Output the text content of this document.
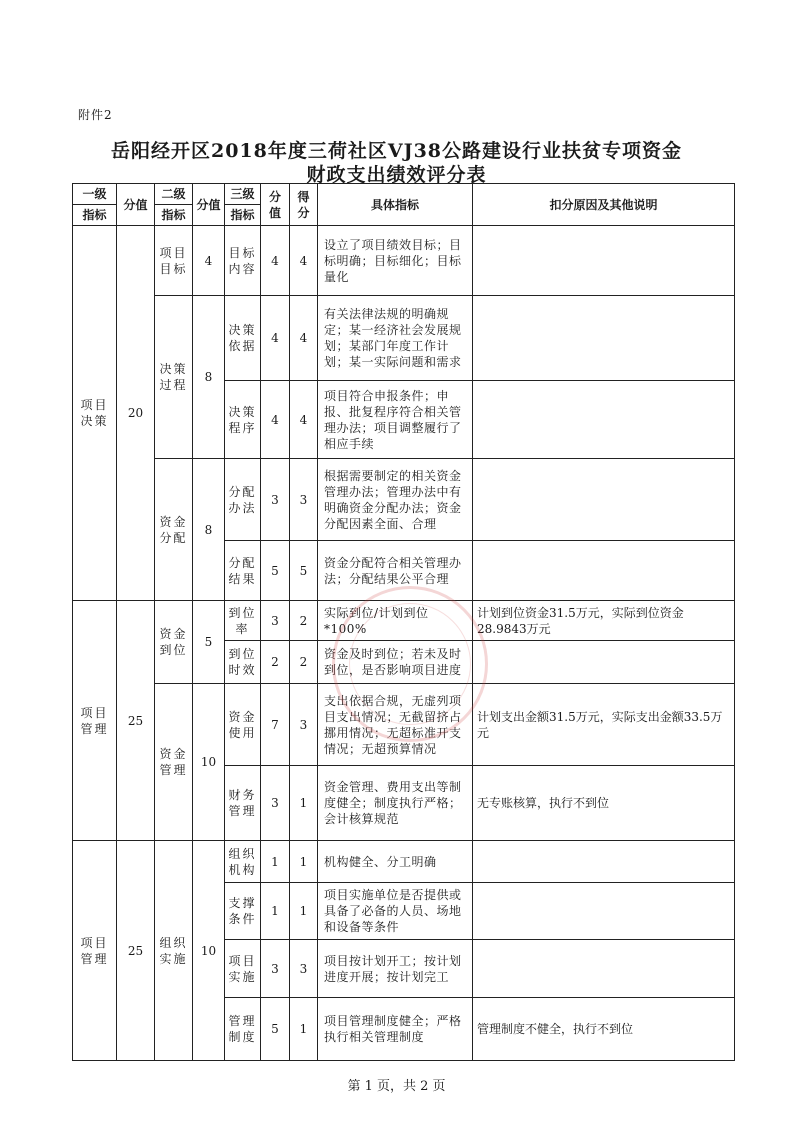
附件2
岳阳经开区2018年度三荷社区VJ38公路建设行业扶贫专项资金
财政支出绩效评分表
一级	分值	二级	分值	三级	分值	得分	具体指标	扣分原因及其他说明
指标		指标		指标				
项目决策	20	项目目标	4	目标内容	4	4	设立了项目绩效目标；目标明确；目标细化；目标量化	
		决策过程	8	决策依据	4	4	有关法律法规的明确规定；某一经济社会发展规划；某部门年度工作计划；某一实际问题和需求	
				决策程序	4	4	项目符合申报条件；申报、批复程序符合相关管理办法；项目调整履行了相应手续	
		资金分配	8	分配办法	3	3	根据需要制定的相关资金管理办法；管理办法中有明确资金分配办法；资金分配因素全面、合理	
				分配结果	5	5	资金分配符合相关管理办法；分配结果公平合理	
项目管理	25	资金到位	5	到位率	3	2	实际到位/计划到位*100%	计划到位资金31.5万元，实际到位资金28.9843万元
				到位时效	2	2	资金及时到位；若未及时到位，是否影响项目进度	
		资金管理	10	资金使用	7	3	支出依据合规，无虚列项目支出情况；无截留挤占挪用情况；无超标准开支情况；无超预算情况	计划支出金额31.5万元，实际支出金额33.5万元
				财务管理	3	1	资金管理、费用支出等制度健全；制度执行严格；会计核算规范	无专账核算，执行不到位
项目管理	25	组织实施	10	组织机构	1	1	机构健全、分工明确	
				支撑条件	1	1	项目实施单位是否提供或具备了必备的人员、场地和设备等条件	
				项目实施	3	3	项目按计划开工；按计划进度开展；按计划完工	
				管理制度	5	1	项目管理制度健全；严格执行相关管理制度	管理制度不健全，执行不到位
第 1 页，共 2 页
